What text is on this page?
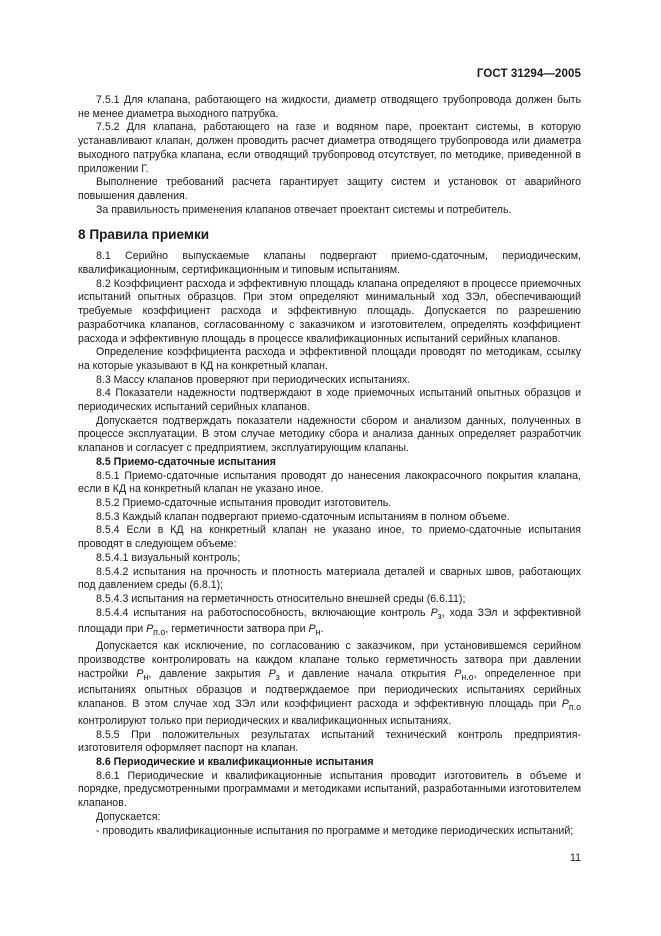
ГОСТ 31294—2005

7.5.1 Для клапана, работающего на жидкости, диаметр отводящего трубопровода должен быть не менее диаметра выходного патрубка.

7.5.2 Для клапана, работающего на газе и водяном паре, проектант системы, в которую устанавливают клапан, должен проводить расчет диаметра отводящего трубопровода или диаметра выходного патрубка клапана, если отводящий трубопровод отсутствует, по методике, приведенной в приложении Г.

Выполнение требований расчета гарантирует защиту систем и установок от аварийного повышения давления.

За правильность применения клапанов отвечает проектант системы и потребитель.

8 Правила приемки

8.1 Серийно выпускаемые клапаны подвергают приемо-сдаточным, периодическим, квалификационным, сертификационным и типовым испытаниям.

8.2 Коэффициент расхода и эффективную площадь клапана определяют в процессе приемочных испытаний опытных образцов. При этом определяют минимальный ход ЗЭл, обеспечивающий требуемые коэффициент расхода и эффективную площадь. Допускается по разрешению разработчика клапанов, согласованному с заказчиком и изготовителем, определять коэффициент расхода и эффективную площадь в процессе квалификационных испытаний серийных клапанов.

Определение коэффициента расхода и эффективной площади проводят по методикам, ссылку на которые указывают в КД на конкретный клапан.

8.3 Массу клапанов проверяют при периодических испытаниях.

8.4 Показатели надежности подтверждают в ходе приемочных испытаний опытных образцов и периодических испытаний серийных клапанов.

Допускается подтверждать показатели надежности сбором и анализом данных, полученных в процессе эксплуатации. В этом случае методику сбора и анализа данных определяет разработчик клапанов и согласует с предприятием, эксплуатирующим клапаны.

8.5 Приемо-сдаточные испытания

8.5.1 Приемо-сдаточные испытания проводят до нанесения лакокрасочного покрытия клапана, если в КД на конкретный клапан не указано иное.

8.5.2 Приемо-сдаточные испытания проводит изготовитель.

8.5.3 Каждый клапан подвергают приемо-сдаточным испытаниям в полном объеме.

8.5.4 Если в КД на конкретный клапан не указано иное, то приемо-сдаточные испытания проводят в следующем объеме:

8.5.4.1 визуальный контроль;

8.5.4.2 испытания на прочность и плотность материала деталей и сварных швов, работающих под давлением среды (6.8.1);

8.5.4.3 испытания на герметичность относительно внешней среды (6.6.11);

8.5.4.4 испытания на работоспособность, включающие контроль $P_з$, хода ЗЭл и эффективной площади при $P_{п.о}$, герметичности затвора при $P_н$.

Допускается как исключение, по согласованию с заказчиком, при установившемся серийном производстве контролировать на каждом клапане только герметичность затвора при давлении настройки $P_н$, давление закрытия $P_з$ и давление начала открытия $P_{н.о}$, определенное при испытаниях опытных образцов и подтверждаемое при периодических испытаниях серийных клапанов. В этом случае ход ЗЭл или коэффициент расхода и эффективную площадь при $P_{п.о}$ контролируют только при периодических и квалификационных испытаниях.

8.5.5 При положительных результатах испытаний технический контроль предприятия-изготовителя оформляет паспорт на клапан.

8.6 Периодические и квалификационные испытания

8.6.1 Периодические и квалификационные испытания проводит изготовитель в объеме и порядке, предусмотренными программами и методиками испытаний, разработанными изготовителем клапанов.

Допускается:

- проводить квалификационные испытания по программе и методике периодических испытаний;

11
